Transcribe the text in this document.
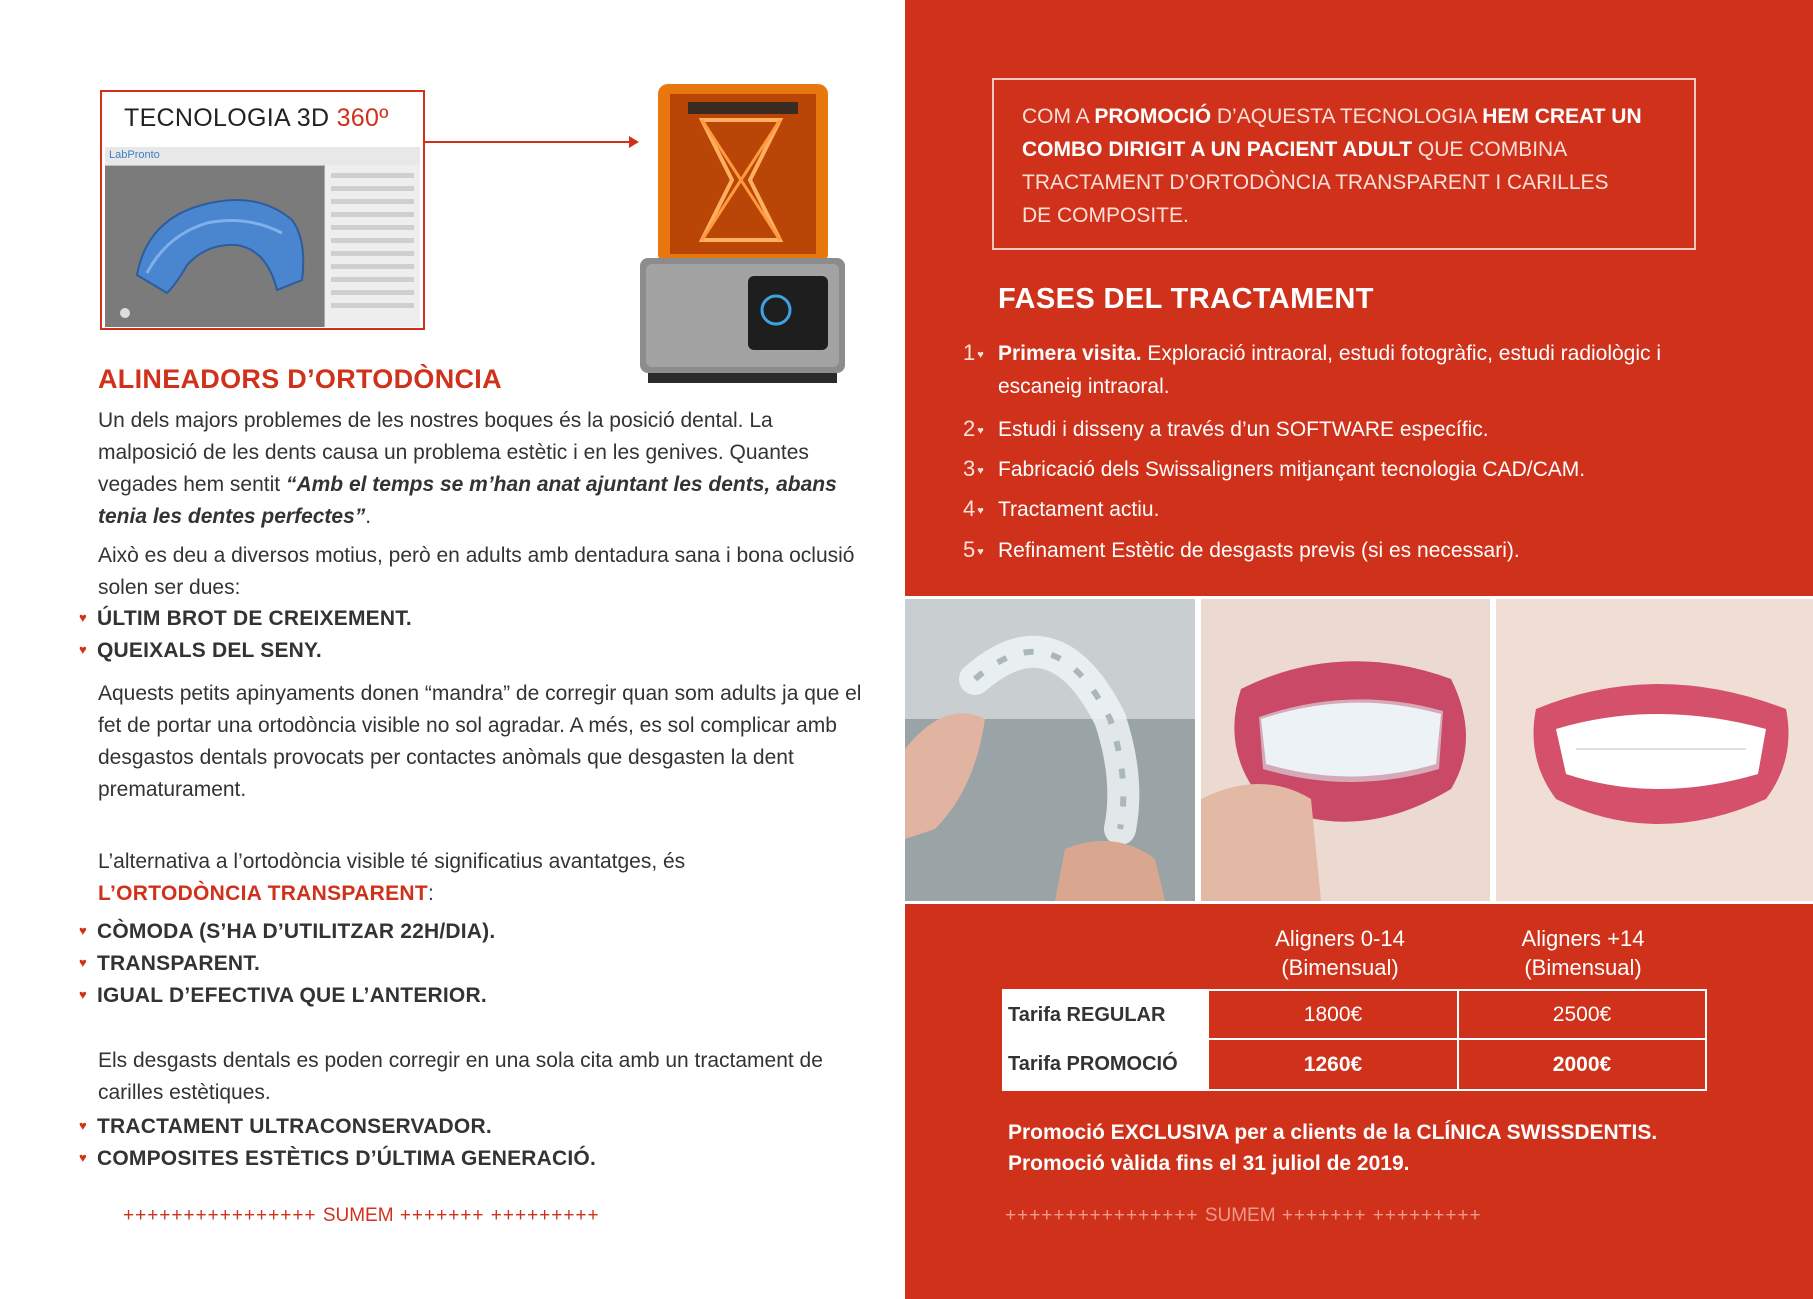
TECNOLOGIA 3D 360º
LabPronto
ALINEADORS D’ORTODÒNCIA

Un dels majors problemes de les nostres boques és la posició dental. La malposició de les dents causa un problema estètic i en les genives. Quantes vegades hem sentit “Amb el temps se m’han anat ajuntant les dents, abans tenia les dentes perfectes”.

Això es deu a diversos motius, però en adults amb dentadura sana i bona oclusió solen ser dues:

♥ ÚLTIM BROT DE CREIXEMENT.
♥ QUEIXALS DEL SENY.

Aquests petits apinyaments donen “mandra” de corregir quan som adults ja que el fet de portar una ortodòncia visible no sol agradar. A més, es sol complicar amb desgastos dentals provocats per contactes anòmals que desgasten la dent prematurament.

L’alternativa a l’ortodòncia visible té significatius avantatges, és
L’ORTODÒNCIA TRANSPARENT:

♥ CÒMODA (S’HA D’UTILITZAR 22H/DIA).
♥ TRANSPARENT.
♥ IGUAL D’EFECTIVA QUE L’ANTERIOR.

Els desgasts dentals es poden corregir en una sola cita amb un tractament de carilles estètiques.

♥ TRACTAMENT ULTRACONSERVADOR.
♥ COMPOSITES ESTÈTICS D’ÚLTIMA GENERACIÓ.
++++++++++++++++ SUMEM +++++++ +++++++++

COM A PROMOCIÓ D’AQUESTA TECNOLOGIA HEM CREAT UN COMBO DIRIGIT A UN PACIENT ADULT QUE COMBINA TRACTAMENT D’ORTODÒNCIA TRANSPARENT I CARILLES DE COMPOSITE.

FASES DEL TRACTAMENT
1 ♥ Primera visita. Exploració intraoral, estudi fotogràfic, estudi radiològic i escaneig intraoral.

2 ♥ Estudi i disseny a través d’un SOFTWARE específic.

3 ♥ Fabricació dels Swissaligners mitjançant tecnologia CAD/CAM.

4 ♥ Tractament actiu.

5 ♥ Refinament Estètic de desgasts previs (si es necessari).

Aligners 0-14
(Bimensual)
Aligners +14
(Bimensual)
Tarifa REGULAR	1800€	2500€
Tarifa PROMOCIÓ	1260€	2000€

Promoció EXCLUSIVA per a clients de la CLÍNICA SWISSDENTIS.
Promoció vàlida fins el 31 juliol de 2019.

++++++++++++++++ SUMEM +++++++ +++++++++
